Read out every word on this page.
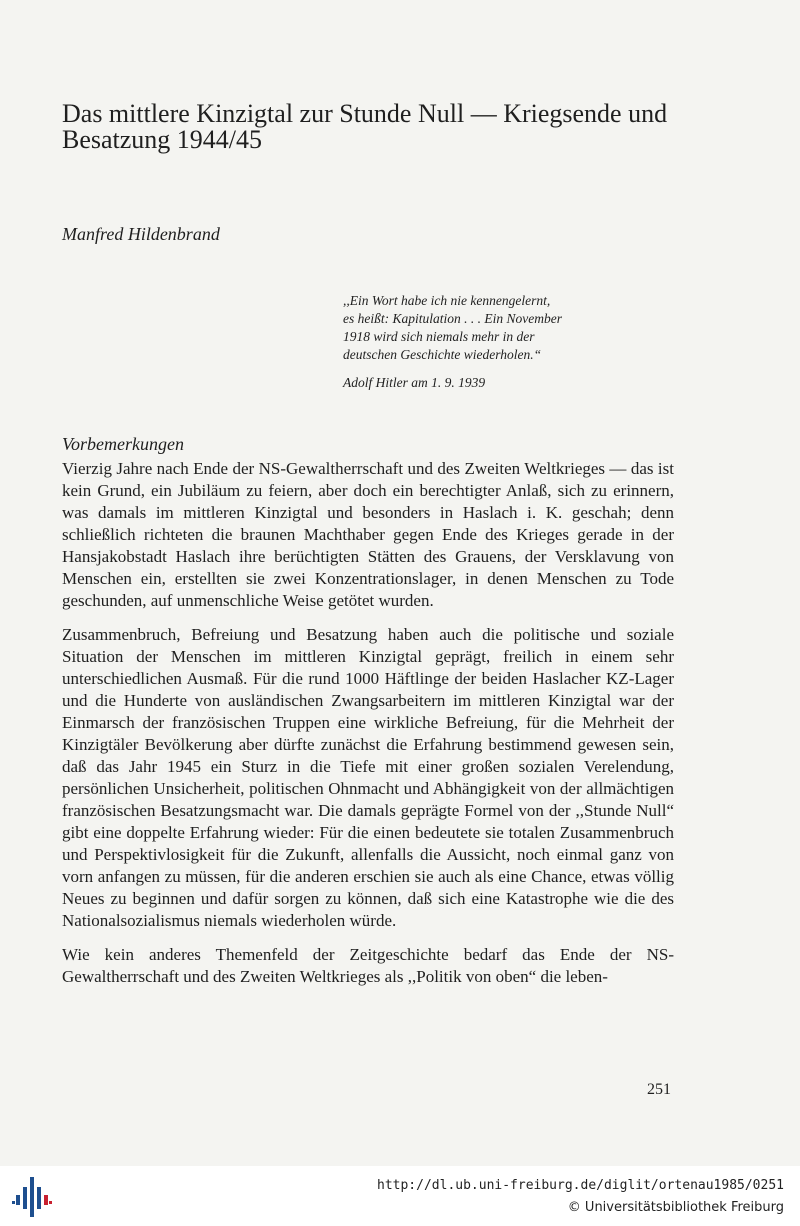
Das mittlere Kinzigtal zur Stunde Null — Kriegsende und Besatzung 1944/45
Manfred Hildenbrand
,,Ein Wort habe ich nie kennengelernt,
es heißt: Kapitulation . . . Ein November
1918 wird sich niemals mehr in der
deutschen Geschichte wiederholen.“
Adolf Hitler am 1. 9. 1939
Vorbemerkungen

Vierzig Jahre nach Ende der NS-Gewaltherrschaft und des Zweiten Weltkrieges — das ist kein Grund, ein Jubiläum zu feiern, aber doch ein berechtigter Anlaß, sich zu erinnern, was damals im mittleren Kinzigtal und besonders in Haslach i. K. geschah; denn schließlich richteten die braunen Machthaber gegen Ende des Krieges gerade in der Hansjakobstadt Haslach ihre berüchtigten Stätten des Grauens, der Versklavung von Menschen ein, erstellten sie zwei Konzentrationslager, in denen Menschen zu Tode geschunden, auf unmenschliche Weise getötet wurden.

Zusammenbruch, Befreiung und Besatzung haben auch die politische und soziale Situation der Menschen im mittleren Kinzigtal geprägt, freilich in einem sehr unterschiedlichen Ausmaß. Für die rund 1000 Häftlinge der beiden Haslacher KZ-Lager und die Hunderte von ausländischen Zwangsarbeitern im mittleren Kinzigtal war der Einmarsch der französischen Truppen eine wirkliche Befreiung, für die Mehrheit der Kinzigtäler Bevölkerung aber dürfte zunächst die Erfahrung bestimmend gewesen sein, daß das Jahr 1945 ein Sturz in die Tiefe mit einer großen sozialen Verelendung, persönlichen Unsicherheit, politischen Ohnmacht und Abhängigkeit von der allmächtigen französischen Besatzungsmacht war. Die damals geprägte Formel von der ,,Stunde Null“ gibt eine doppelte Erfahrung wieder: Für die einen bedeutete sie totalen Zusammenbruch und Perspektivlosigkeit für die Zukunft, allenfalls die Aussicht, noch einmal ganz von vorn anfangen zu müssen, für die anderen erschien sie auch als eine Chance, etwas völlig Neues zu beginnen und dafür sorgen zu können, daß sich eine Katastrophe wie die des Nationalsozialismus niemals wiederholen würde.

Wie kein anderes Themenfeld der Zeitgeschichte bedarf das Ende der NS-Gewaltherrschaft und des Zweiten Weltkrieges als ,,Politik von oben“ die leben-

251
http://dl.ub.uni-freiburg.de/diglit/ortenau1985/0251
© Universitätsbibliothek Freiburg
